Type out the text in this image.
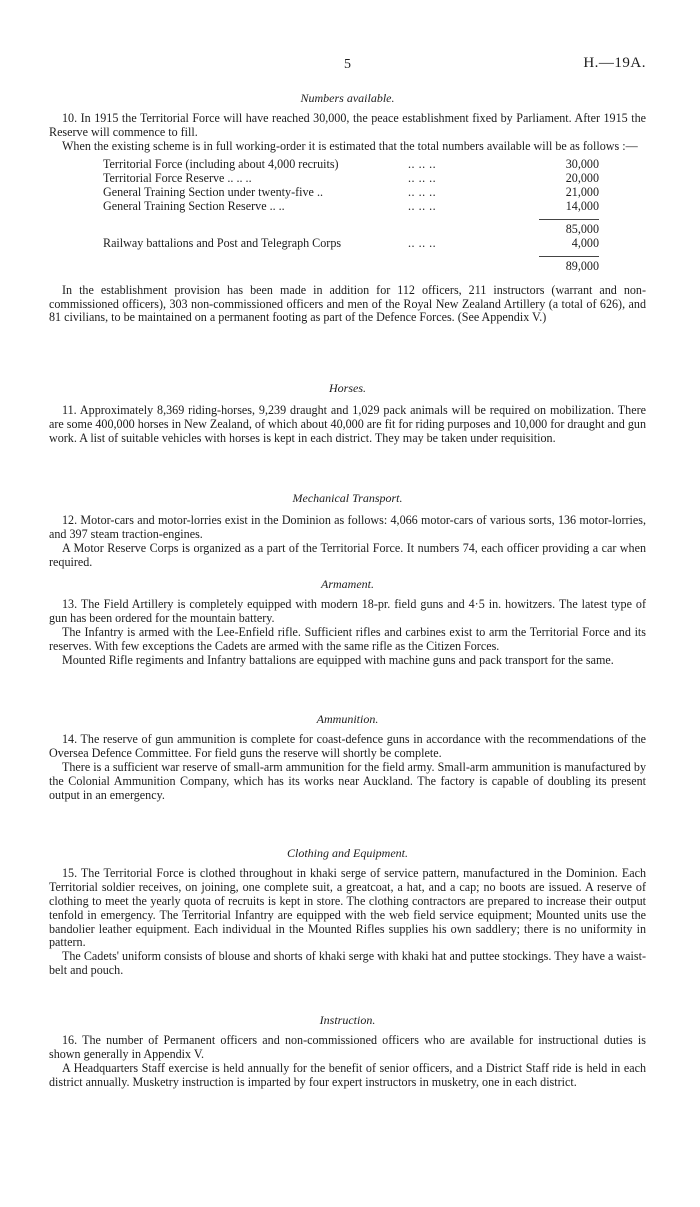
5	H.—19A.
Numbers available.

10. In 1915 the Territorial Force will have reached 30,000, the peace establishment fixed by Parliament. After 1915 the Reserve will commence to fill.

When the existing scheme is in full working-order it is estimated that the total numbers available will be as follows :—

Territorial Force (including about 4,000 recruits)	.. .. ..	30,000
Territorial Force Reserve .. .. ..	.. .. ..	20,000
General Training Section under twenty-five ..	.. .. ..	21,000
General Training Section Reserve .. ..	.. .. ..	14,000
85,000
Railway battalions and Post and Telegraph Corps	.. .. ..	4,000
89,000

In the establishment provision has been made in addition for 112 officers, 211 instructors (warrant and non-commissioned officers), 303 non-commissioned officers and men of the Royal New Zealand Artillery (a total of 626), and 81 civilians, to be maintained on a permanent footing as part of the Defence Forces. (See Appendix V.)

Horses.

11. Approximately 8,369 riding-horses, 9,239 draught and 1,029 pack animals will be required on mobilization. There are some 400,000 horses in New Zealand, of which about 40,000 are fit for riding purposes and 10,000 for draught and gun work. A list of suitable vehicles with horses is kept in each district. They may be taken under requisition.

Mechanical Transport.

12. Motor-cars and motor-lorries exist in the Dominion as follows: 4,066 motor-cars of various sorts, 136 motor-lorries, and 397 steam traction-engines.

A Motor Reserve Corps is organized as a part of the Territorial Force. It numbers 74, each officer providing a car when required.

Armament.

13. The Field Artillery is completely equipped with modern 18-pr. field guns and 4·5 in. howitzers. The latest type of gun has been ordered for the mountain battery.

The Infantry is armed with the Lee-Enfield rifle. Sufficient rifles and carbines exist to arm the Territorial Force and its reserves. With few exceptions the Cadets are armed with the same rifle as the Citizen Forces.

Mounted Rifle regiments and Infantry battalions are equipped with machine guns and pack transport for the same.

Ammunition.

14. The reserve of gun ammunition is complete for coast-defence guns in accordance with the recommendations of the Oversea Defence Committee. For field guns the reserve will shortly be complete.

There is a sufficient war reserve of small-arm ammunition for the field army. Small-arm ammunition is manufactured by the Colonial Ammunition Company, which has its works near Auckland. The factory is capable of doubling its present output in an emergency.

Clothing and Equipment.

15. The Territorial Force is clothed throughout in khaki serge of service pattern, manufactured in the Dominion. Each Territorial soldier receives, on joining, one complete suit, a greatcoat, a hat, and a cap; no boots are issued. A reserve of clothing to meet the yearly quota of recruits is kept in store. The clothing contractors are prepared to increase their output tenfold in emergency. The Territorial Infantry are equipped with the web field service equipment; Mounted units use the bandolier leather equipment. Each individual in the Mounted Rifles supplies his own saddlery; there is no uniformity in pattern.

The Cadets' uniform consists of blouse and shorts of khaki serge with khaki hat and puttee stockings. They have a waist-belt and pouch.

Instruction.

16. The number of Permanent officers and non-commissioned officers who are available for instructional duties is shown generally in Appendix V.

A Headquarters Staff exercise is held annually for the benefit of senior officers, and a District Staff ride is held in each district annually. Musketry instruction is imparted by four expert instructors in musketry, one in each district.
